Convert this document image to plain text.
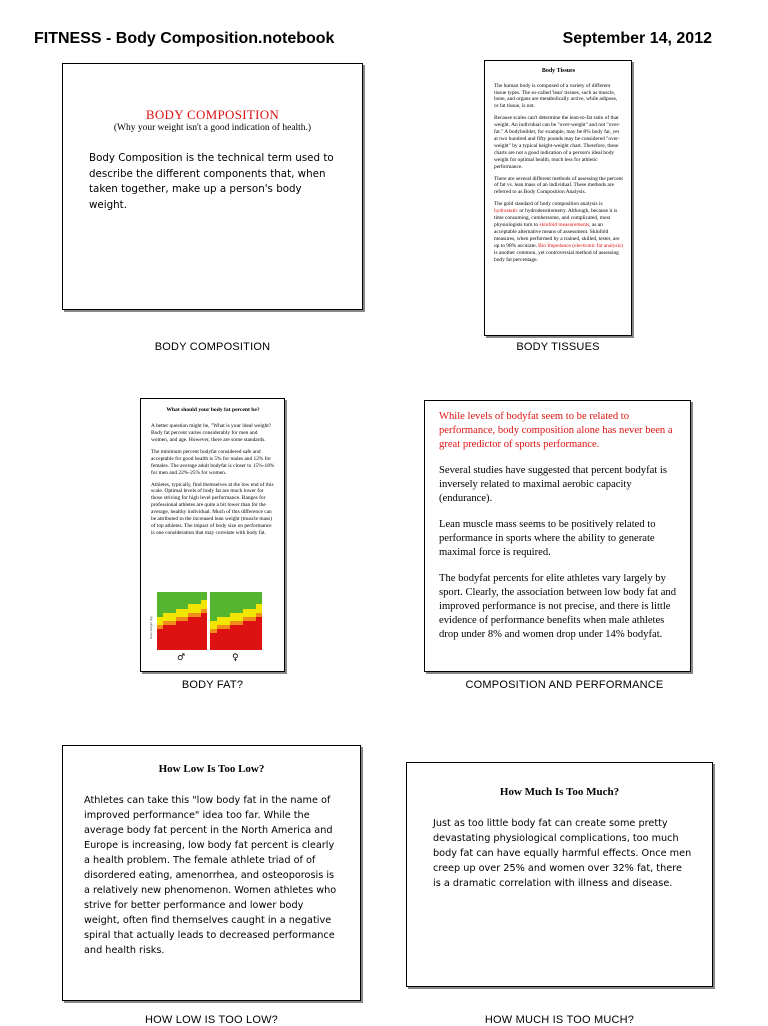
FITNESS - Body Composition.notebook	September 14, 2012
BODY COMPOSITION
(Why your weight isn't a good indication of health.)
Body Composition is the technical term used to describe the different components that, when taken together, make up a person's body weight.
BODY COMPOSITION
Body Tissues

The human body is composed of a variety of different tissue types. The so-called 'lean' tissues, such as muscle, bone, and organs are metabolically active, while adipose, or fat tissue, is not.

Because scales can't determine the lean-to-fat ratio of that weight. An individual can be "over-weight" and not "over-fat." A bodybuilder, for example, may be 8% body fat, yet at two hundred and fifty pounds may be considered "over-weight" by a typical height-weight chart. Therefore, these charts are not a good indication of a person's ideal body weight for optimal health, much less for athletic performance.

There are several different methods of assessing the percent of fat vs. lean mass of an individual. These methods are referred to as Body Composition Analysis.

The gold standard of body composition analysis is hydrostatic or hydrodensitometry. Although, because it is time consuming, cumbersome, and complicated, most physiologists turn to skinfold measurements, as an acceptable alternative means of assessment. Skinfold measures, when performed by a trained, skilled, tester, are up to 98% accurate. Bio Impedance (electronic fat analysis) is another common, yet controversial method of assessing body fat percentage.

BODY TISSUES
What should your body fat percent be?

A better question might be, "What is your ideal weight? Body fat percent varies considerably for men and women, and age. However, there are some standards.

The minimum percent bodyfat considered safe and acceptable for good health is 5% for males and 12% for females. The average adult bodyfat is closer to 15%-18% for men and 22%-25% for women.

Athletes, typically, find themselves at the low end of this scale. Optimal levels of body fat are much lower for those striving for high level performance. Ranges for professional athletes are quite a bit lower than for the average, healthy individual. Much of this difference can be attributed to the increased lean weight (muscle mass) of top athletes. The impact of body size on performance is one consideration that may correlate with body fat.

Body Weight (kg)
♂	♀
BODY FAT?

While levels of bodyfat seem to be related to performance, body composition alone has never been a great predictor of sports performance.

Several studies have suggested that percent bodyfat is inversely related to maximal aerobic capacity (endurance).

Lean muscle mass seems to be positively related to performance in sports where the ability to generate maximal force is required.

The bodyfat percents for elite athletes vary largely by sport. Clearly, the association between low body fat and improved performance is not precise, and there is little evidence of performance benefits when male athletes drop under 8% and women drop under 14% bodyfat.

COMPOSITION AND PERFORMANCE
How Low Is Too Low?
Athletes can take this "low body fat in the name of improved performance" idea too far. While the average body fat percent in the North America and Europe is increasing, low body fat percent is clearly a health problem. The female athlete triad of of disordered eating, amenorrhea, and osteoporosis is a relatively new phenomenon. Women athletes who strive for better performance and lower body weight, often find themselves caught in a negative spiral that actually leads to decreased performance and health risks.
HOW LOW IS TOO LOW?
How Much Is Too Much?
Just as too little body fat can create some pretty devastating physiological complications, too much body fat can have equally harmful effects. Once men creep up over 25% and women over 32% fat, there is a dramatic correlation with illness and disease.
HOW MUCH IS TOO MUCH?
